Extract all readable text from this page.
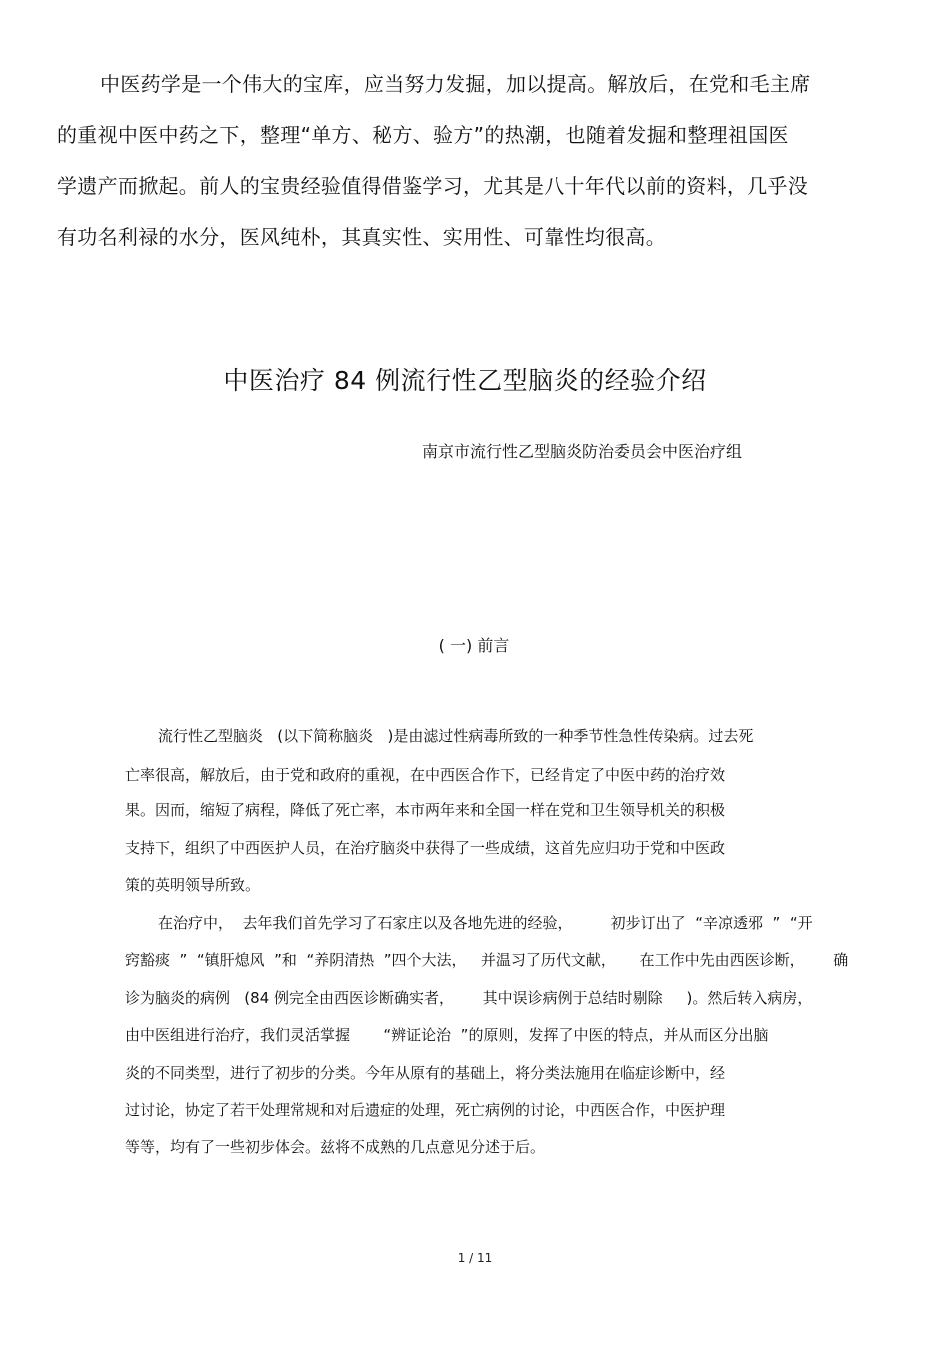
中医药学是一个伟大的宝库，应当努力发掘，加以提高。解放后，在党和毛主席
的重视中医中药之下，整理“单方、秘方、验方”的热潮，也随着发掘和整理祖国医
学遗产而掀起。前人的宝贵经验值得借鉴学习，尤其是八十年代以前的资料，几乎没
有功名利禄的水分，医风纯朴，其真实性、实用性、可靠性均很高。
中医治疗 84 例流行性乙型脑炎的经验介绍
南京市流行性乙型脑炎防治委员会中医治疗组
( 一) 前言
流行性乙型脑炎   (以下简称脑炎   )是由滤过性病毒所致的一种季节性急性传染病。过去死
亡率很高，解放后，由于党和政府的重视，在中西医合作下，已经肯定了中医中药的治疗效
果。因而，缩短了病程，降低了死亡率，本市两年来和全国一样在党和卫生领导机关的积极
支持下，组织了中西医护人员，在治疗脑炎中获得了一些成绩，这首先应归功于党和中医政
策的英明领导所致。
在治疗中，  去年我们首先学习了石家庄以及各地先进的经验，        初步订出了  “辛凉透邪  ”  “开
窍豁痰  ”  “镇肝熄风  ”和  “养阴清热  ”四个大法，   并温习了历代文献，     在工作中先由西医诊断，      确
诊为脑炎的病例   (84 例完全由西医诊断确实者，      其中误诊病例于总结时剔除     )。然后转入病房，
由中医组进行治疗，我们灵活掌握       “辨证论治  ”的原则，发挥了中医的特点，并从而区分出脑
炎的不同类型，进行了初步的分类。今年从原有的基础上，将分类法施用在临症诊断中，经
过讨论，协定了若干处理常规和对后遗症的处理，死亡病例的讨论，中西医合作，中医护理
等等，均有了一些初步体会。兹将不成熟的几点意见分述于后。
1 / 11
